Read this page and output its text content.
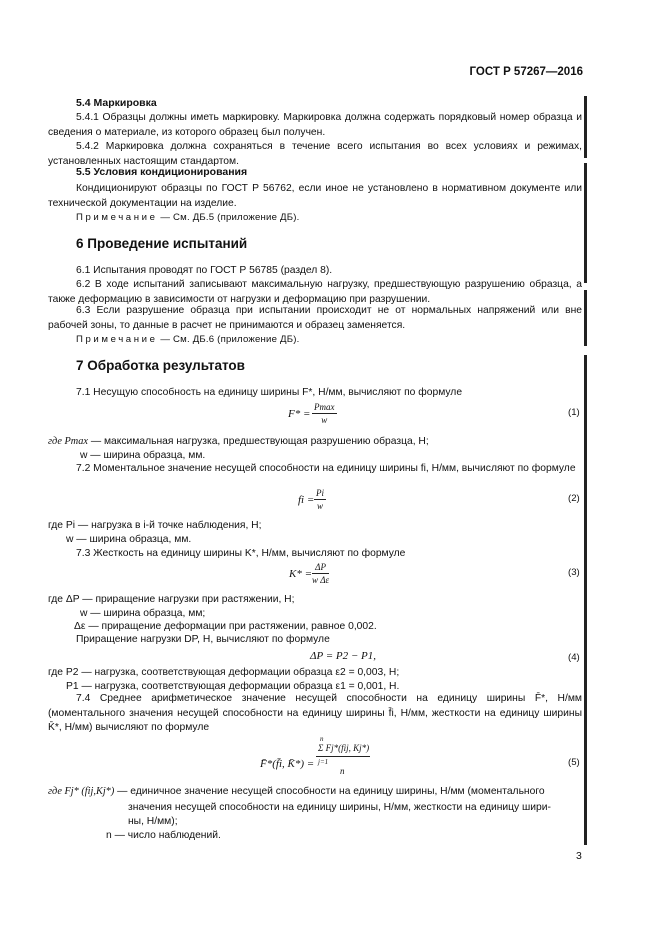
ГОСТ Р 57267—2016
5.4 Маркировка
5.4.1 Образцы должны иметь маркировку. Маркировка должна содержать порядковый номер образца и сведения о материале, из которого образец был получен.
5.4.2 Маркировка должна сохраняться в течение всего испытания во всех условиях и режимах, установленных настоящим стандартом.
5.5 Условия кондиционирования
Кондиционируют образцы по ГОСТ Р 56762, если иное не установлено в нормативном документе или технической документации на изделие.
Примечание — См. ДБ.5 (приложение ДБ).
6 Проведение испытаний
6.1 Испытания проводят по ГОСТ Р 56785 (раздел 8).
6.2 В ходе испытаний записывают максимальную нагрузку, предшествующую разрушению образца, а также деформацию в зависимости от нагрузки и деформацию при разрушении.
6.3 Если разрушение образца при испытании происходит не от нормальных напряжений или вне рабочей зоны, то данные в расчет не принимаются и образец заменяется.
Примечание — См. ДБ.6 (приложение ДБ).
7 Обработка результатов
7.1 Несущую способность на единицу ширины F*, Н/мм, вычисляют по формуле
F* =
Pmax
w
(1)
где Pmax — максимальная нагрузка, предшествующая разрушению образца, Н;
w — ширина образца, мм.
7.2 Моментальное значение несущей способности на единицу ширины fi, Н/мм, вычисляют по формуле
fi = $\frac{Pi}{w}$	(2)
где Pi — нагрузка в i-й точке наблюдения, Н;
w — ширина образца, мм.
7.3 Жесткость на единицу ширины K*, Н/мм, вычисляют по формуле
$K* = \frac{\Delta P}{\text{w Δε}}$	(3)
где ΔP — приращение нагрузки при растяжении, Н;
w — ширина образца, мм;
Δε — приращение деформации при растяжении, равное 0,002.
Приращение нагрузки DP, Н, вычисляют по формуле
ΔP = P2 − P1,	(4)
где P2 — нагрузка, соответствующая деформации образца ε2 = 0,003, Н;
P1 — нагрузка, соответствующая деформации образца ε1 = 0,001, Н.
7.4 Среднее арифметическое значение несущей способности на единицу ширины F̄*, Н/мм (моментального значения несущей способности на единицу ширины f̄i, Н/мм, жесткости на единицу ширины K̄*, Н/мм) вычисляют по формуле
F̄*(f̄i, K̄*) =
n
j=1
Σ Fj*(fij, Kj*)
n
(5)
где Fj* (fij,Kj*) — единичное значение несущей способности на единицу ширины, Н/мм (моментального
значения несущей способности на единицу ширины, Н/мм, жесткости на единицу шири-
ны, Н/мм);
n — число наблюдений.
3
